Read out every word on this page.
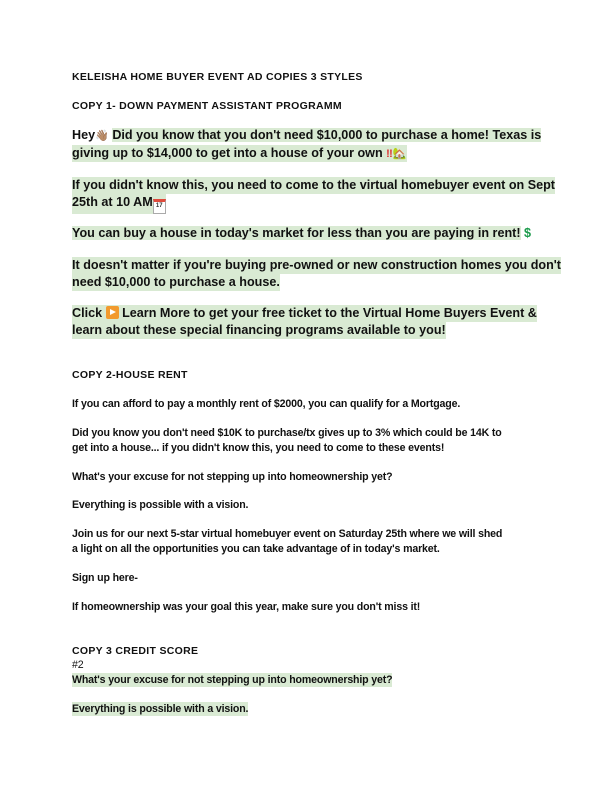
KELEISHA HOME BUYER EVENT AD COPIES 3 STYLES
COPY 1- DOWN PAYMENT ASSISTANT PROGRAMM
Hey👋🏽 Did you know that you don't need $10,000 to purchase a home! Texas is
giving up to $14,000 to get into a house of your own ‼🏡
If you didn't know this, you need to come to the virtual homebuyer event on Sept
25th at 10 AM 17
You can buy a house in today's market for less than you are paying in rent! $
It doesn't matter if you're buying pre-owned or new construction homes you don't
need $10,000 to purchase a house.
Click Learn More to get your free ticket to the Virtual Home Buyers Event &
learn about these special financing programs available to you!
COPY 2-HOUSE RENT
If you can afford to pay a monthly rent of $2000, you can qualify for a Mortgage.
Did you know you don't need $10K to purchase/tx gives up to 3% which could be 14K to
get into a house... if you didn't know this, you need to come to these events!
What's your excuse for not stepping up into homeownership yet?
Everything is possible with a vision.
Join us for our next 5-star virtual homebuyer event on Saturday 25th where we will shed
a light on all the opportunities you can take advantage of in today's market.
Sign up here-
If homeownership was your goal this year, make sure you don't miss it!
COPY 3 CREDIT SCORE
#2
What's your excuse for not stepping up into homeownership yet?
Everything is possible with a vision.
